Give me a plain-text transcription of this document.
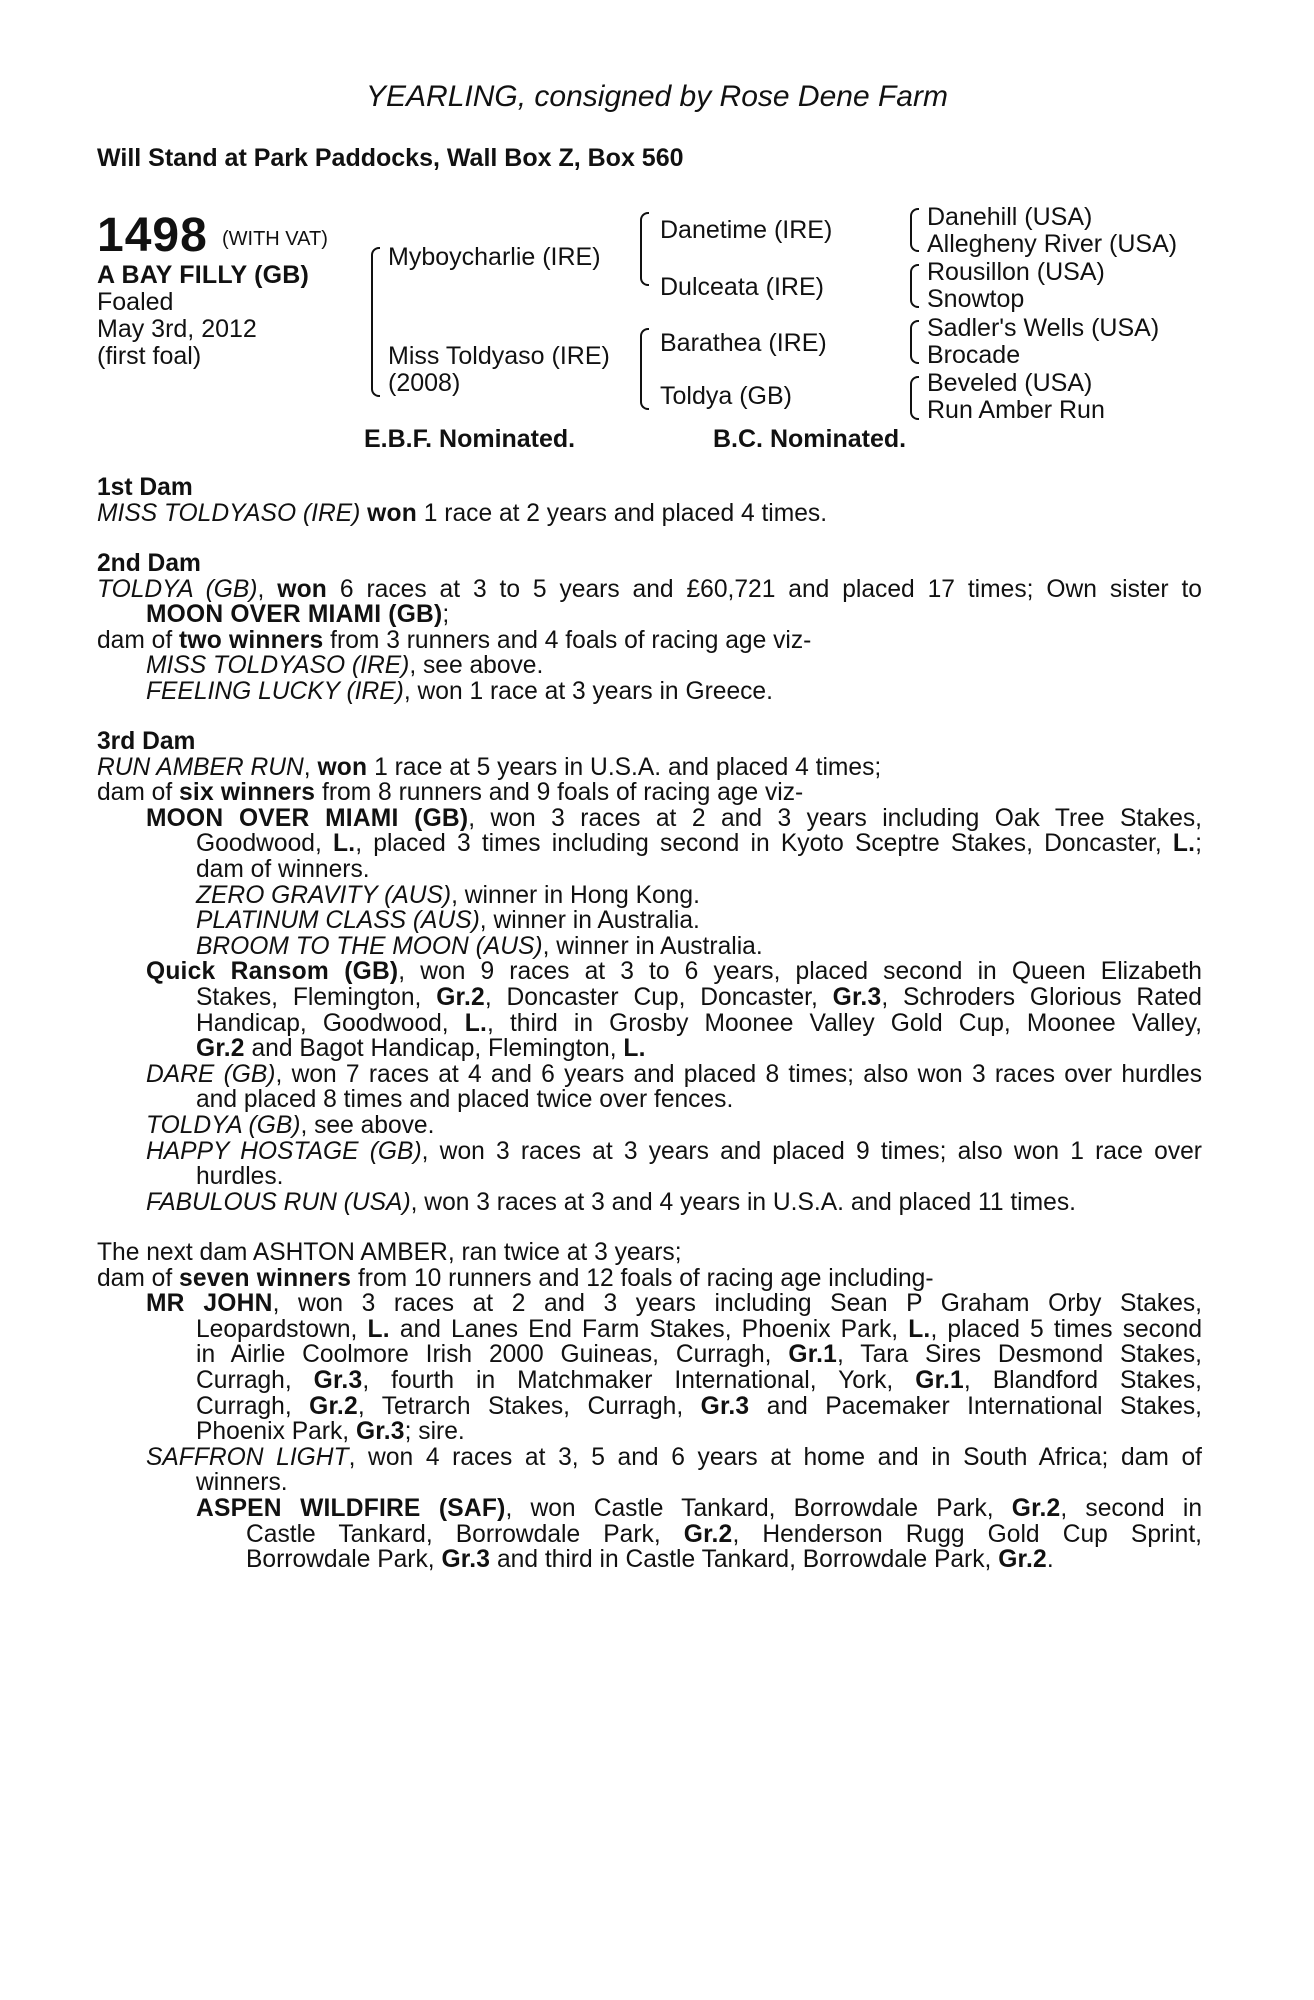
YEARLING, consigned by Rose Dene Farm
Will Stand at Park Paddocks, Wall Box Z, Box 560
1498 (WITH VAT)
A BAY FILLY (GB)
Foaled
May 3rd, 2012
(first foal)
Myboycharlie (IRE)
Miss Toldyaso (IRE)
(2008)
Danetime (IRE)
Dulceata (IRE)
Barathea (IRE)
Toldya (GB)
Danehill (USA)
Allegheny River (USA)
Rousillon (USA)
Snowtop
Sadler's Wells (USA)
Brocade
Beveled (USA)
Run Amber Run
E.B.F. Nominated.	B.C. Nominated.

1st Dam

MISS TOLDYASO (IRE) won 1 race at 2 years and placed 4 times.

2nd Dam

TOLDYA (GB), won 6 races at 3 to 5 years and £60,721 and placed 17 times; Own sister to

MOON OVER MIAMI (GB);

dam of two winners from 3 runners and 4 foals of racing age viz-

MISS TOLDYASO (IRE), see above.

FEELING LUCKY (IRE), won 1 race at 3 years in Greece.

3rd Dam

RUN AMBER RUN, won 1 race at 5 years in U.S.A. and placed 4 times;

dam of six winners from 8 runners and 9 foals of racing age viz-

MOON OVER MIAMI (GB), won 3 races at 2 and 3 years including Oak Tree Stakes,

Goodwood, L., placed 3 times including second in Kyoto Sceptre Stakes, Doncaster, L.;

dam of winners.

ZERO GRAVITY (AUS), winner in Hong Kong.

PLATINUM CLASS (AUS), winner in Australia.

BROOM TO THE MOON (AUS), winner in Australia.

Quick Ransom (GB), won 9 races at 3 to 6 years, placed second in Queen Elizabeth

Stakes, Flemington, Gr.2, Doncaster Cup, Doncaster, Gr.3, Schroders Glorious Rated

Handicap, Goodwood, L., third in Grosby Moonee Valley Gold Cup, Moonee Valley,

Gr.2 and Bagot Handicap, Flemington, L.

DARE (GB), won 7 races at 4 and 6 years and placed 8 times; also won 3 races over hurdles

and placed 8 times and placed twice over fences.

TOLDYA (GB), see above.

HAPPY HOSTAGE (GB), won 3 races at 3 years and placed 9 times; also won 1 race over

hurdles.

FABULOUS RUN (USA), won 3 races at 3 and 4 years in U.S.A. and placed 11 times.

The next dam ASHTON AMBER, ran twice at 3 years;

dam of seven winners from 10 runners and 12 foals of racing age including-

MR JOHN, won 3 races at 2 and 3 years including Sean P Graham Orby Stakes,

Leopardstown, L. and Lanes End Farm Stakes, Phoenix Park, L., placed 5 times second

in Airlie Coolmore Irish 2000 Guineas, Curragh, Gr.1, Tara Sires Desmond Stakes,

Curragh, Gr.3, fourth in Matchmaker International, York, Gr.1, Blandford Stakes,

Curragh, Gr.2, Tetrarch Stakes, Curragh, Gr.3 and Pacemaker International Stakes,

Phoenix Park, Gr.3; sire.

SAFFRON LIGHT, won 4 races at 3, 5 and 6 years at home and in South Africa; dam of

winners.

ASPEN WILDFIRE (SAF), won Castle Tankard, Borrowdale Park, Gr.2, second in

Castle Tankard, Borrowdale Park, Gr.2, Henderson Rugg Gold Cup Sprint,

Borrowdale Park, Gr.3 and third in Castle Tankard, Borrowdale Park, Gr.2.
